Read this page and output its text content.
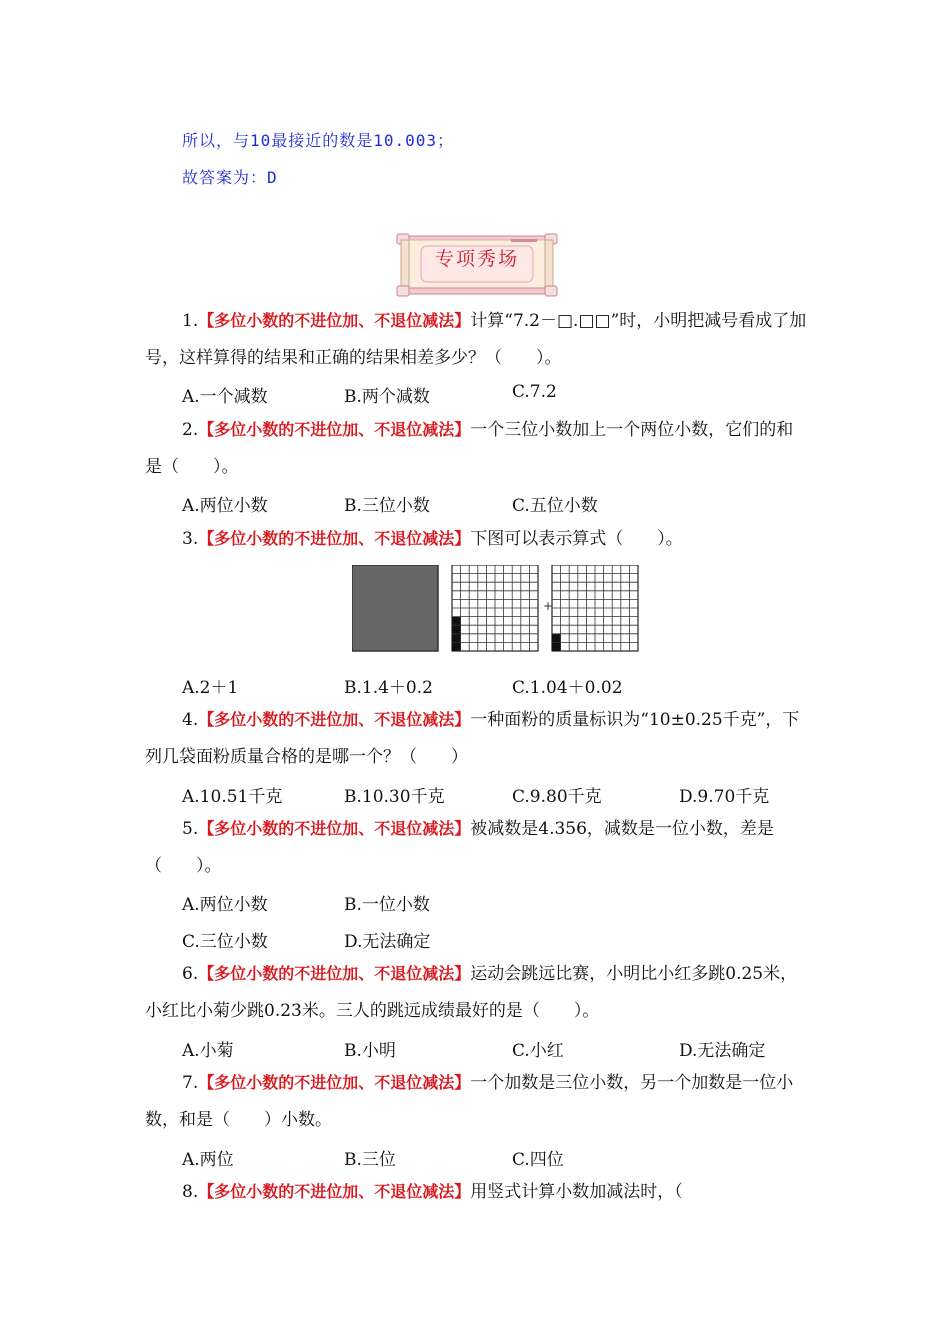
所以，与10最接近的数是10.003；
故答案为：D
专项秀场
1.【多位小数的不进位加、不退位减法】计算“7.2－□.□□”时，小明把减号看成了加号，这样算得的结果和正确的结果相差多少？（　　）。
A.一个减数	B.两个减数	C.7.2
2.【多位小数的不进位加、不退位减法】一个三位小数加上一个两位小数，它们的和是（　　）。
A.两位小数	B.三位小数	C.五位小数
3.【多位小数的不进位加、不退位减法】下图可以表示算式（　　）。
+
A.2＋1	B.1.4＋0.2	C.1.04＋0.02
4.【多位小数的不进位加、不退位减法】一种面粉的质量标识为“10±0.25千克”，下列几袋面粉质量合格的是哪一个？（　　）
A.10.51千克	B.10.30千克	C.9.80千克	D.9.70千克
5.【多位小数的不进位加、不退位减法】被减数是4.356，减数是一位小数，差是（　　）。
A.两位小数	B.一位小数
C.三位小数	D.无法确定
6.【多位小数的不进位加、不退位减法】运动会跳远比赛，小明比小红多跳0.25米，小红比小菊少跳0.23米。三人的跳远成绩最好的是（　　）。
A.小菊	B.小明	C.小红	D.无法确定
7.【多位小数的不进位加、不退位减法】一个加数是三位小数，另一个加数是一位小数，和是（　　）小数。
A.两位	B.三位	C.四位
8.【多位小数的不进位加、不退位减法】用竖式计算小数加减法时，（
